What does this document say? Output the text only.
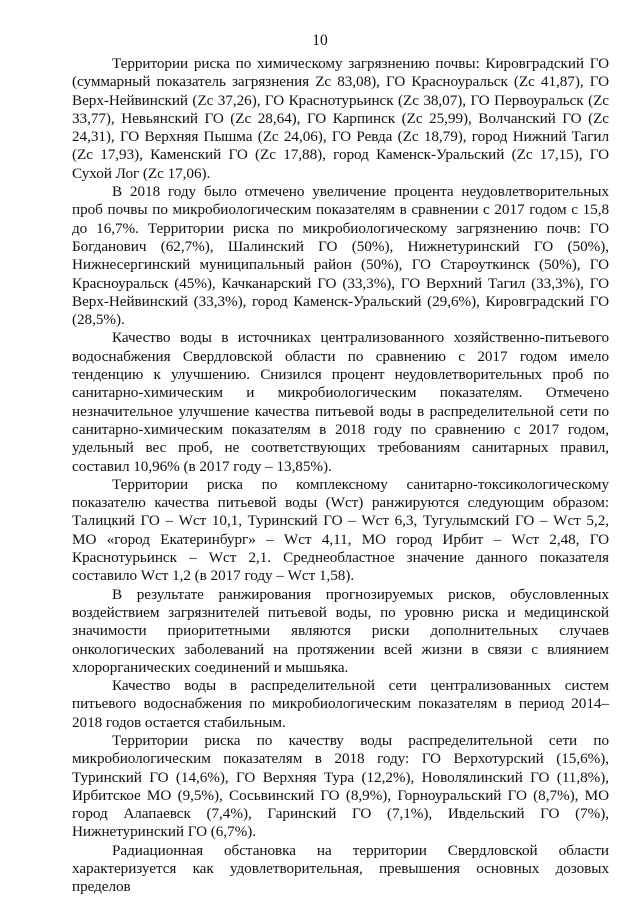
10

Территории риска по химическому загрязнению почвы: Кировградский ГО (суммарный показатель загрязнения Zc 83,08), ГО Красноуральск (Zc 41,87), ГО Верх-Нейвинский (Zc 37,26), ГО Краснотурьинск (Zc 38,07), ГО Первоуральск (Zc 33,77), Невьянский ГО (Zc 28,64), ГО Карпинск (Zc 25,99), Волчанский ГО (Zc 24,31), ГО Верхняя Пышма (Zc 24,06), ГО Ревда (Zc 18,79), город Нижний Тагил (Zc 17,93), Каменский ГО (Zc 17,88), город Каменск-Уральский (Zc 17,15), ГО Сухой Лог (Zc 17,06).

В 2018 году было отмечено увеличение процента неудовлетворительных проб почвы по микробиологическим показателям в сравнении с 2017 годом с 15,8 до 16,7%. Территории риска по микробиологическому загрязнению почв: ГО Богданович (62,7%), Шалинский ГО (50%), Нижнетуринский ГО (50%), Нижнесергинский муниципальный район (50%), ГО Староуткинск (50%), ГО Красноуральск (45%), Качканарский ГО (33,3%), ГО Верхний Тагил (33,3%), ГО Верх-Нейвинский (33,3%), город Каменск-Уральский (29,6%), Кировградский ГО (28,5%).

Качество воды в источниках централизованного хозяйственно-питьевого водоснабжения Свердловской области по сравнению с 2017 годом имело тенденцию к улучшению. Снизился процент неудовлетворительных проб по санитарно-химическим и микробиологическим показателям. Отмечено незначительное улучшение качества питьевой воды в распределительной сети по санитарно-химическим показателям в 2018 году по сравнению с 2017 годом, удельный вес проб, не соответствующих требованиям санитарных правил, составил 10,96% (в 2017 году – 13,85%).

Территории риска по комплексному санитарно-токсикологическому показателю качества питьевой воды (Wст) ранжируются следующим образом: Талицкий ГО – Wст 10,1, Туринский ГО – Wст 6,3, Тугулымский ГО – Wст 5,2, МО «город Екатеринбург» – Wст 4,11, МО город Ирбит – Wст 2,48, ГО Краснотурьинск – Wст 2,1. Среднеобластное значение данного показателя составило Wст 1,2 (в 2017 году – Wст 1,58).

В результате ранжирования прогнозируемых рисков, обусловленных воздействием загрязнителей питьевой воды, по уровню риска и медицинской значимости приоритетными являются риски дополнительных случаев онкологических заболеваний на протяжении всей жизни в связи с влиянием хлорорганических соединений и мышьяка.

Качество воды в распределительной сети централизованных систем питьевого водоснабжения по микробиологическим показателям в период 2014–2018 годов остается стабильным.

Территории риска по качеству воды распределительной сети по микробиологическим показателям в 2018 году: ГО Верхотурский (15,6%), Туринский ГО (14,6%), ГО Верхняя Тура (12,2%), Новолялинский ГО (11,8%), Ирбитское МО (9,5%), Сосьвинский ГО (8,9%), Горноуральский ГО (8,7%), МО город Алапаевск (7,4%), Гаринский ГО (7,1%), Ивдельский ГО (7%), Нижнетуринский ГО (6,7%).

Радиационная обстановка на территории Свердловской области характеризуется как удовлетворительная, превышения основных дозовых пределов
